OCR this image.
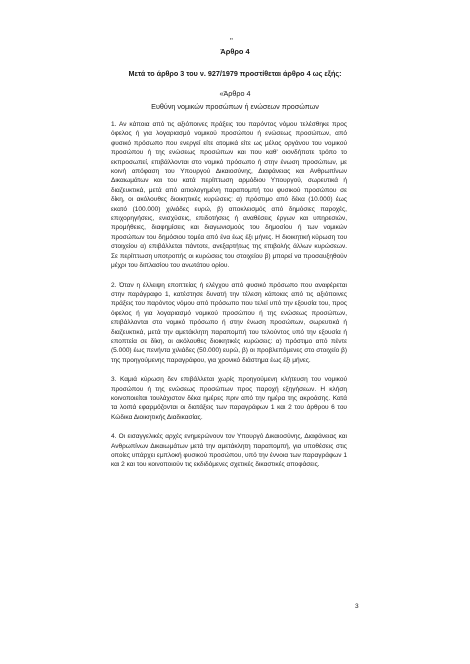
"
Άρθρο 4
Μετά το άρθρο 3 του ν. 927/1979 προστίθεται άρθρο 4 ως εξής:
«Άρθρο 4
Ευθύνη νομικών προσώπων ή ενώσεων προσώπων

1. Αν κάποια από τις αξιόποινες πράξεις του παρόντος νόμου τελέσθηκε προς όφελος ή για λογαριασμό νομικού προσώπου ή ενώσεως προσώπων, από φυσικό πρόσωπο που ενεργεί είτε ατομικά είτε ως μέλος οργάνου του νομικού προσώπου ή της ενώσεως προσώπων και που καθ' οιονδήποτε τρόπο το εκπροσωπεί, επιβάλλονται στο νομικό πρόσωπο ή στην ένωση προσώπων, με κοινή απόφαση του Υπουργού Δικαιοσύνης, Διαφάνειας και Ανθρωπίνων Δικαιωμάτων και του κατά περίπτωση αρμόδιου Υπουργού, σωρευτικά ή διαζευκτικά, μετά από αιτιολογημένη παραπομπή του φυσικού προσώπου σε δίκη, οι ακόλουθες διοικητικές κυρώσεις: α) πρόστιμο από δέκα (10.000) έως εκατό (100.000) χιλιάδες ευρώ, β) αποκλεισμός από δημόσιες παροχές, επιχορηγήσεις, ενισχύσεις, επιδοτήσεις ή αναθέσεις έργων και υπηρεσιών, προμήθειες, διαφημίσεις και διαγωνισμούς του δημοσίου ή των νομικών προσώπων του δημόσιου τομέα από ένα έως έξι μήνες. Η διοικητική κύρωση του στοιχείου α) επιβάλλεται πάντοτε, ανεξαρτήτως της επιβολής άλλων κυρώσεων. Σε περίπτωση υποτροπής οι κυρώσεις του στοιχείου β) μπορεί να προσαυξηθούν μέχρι του διπλασίου του ανωτάτου ορίου.

2. Όταν η έλλειψη εποπτείας ή ελέγχου από φυσικό πρόσωπο που αναφέρεται στην παράγραφο 1, κατέστησε δυνατή την τέλεση κάποιας από τις αξιόποινες πράξεις του παρόντος νόμου από πρόσωπο που τελεί υπό την εξουσία του, προς όφελος ή για λογαριασμό νομικού προσώπου ή της ενώσεως προσώπων, επιβάλλονται στο νομικό πρόσωπο ή στην ένωση προσώπων, σωρευτικά ή διαζευκτικά, μετά την αμετάκλητη παραπομπή του τελούντος υπό την εξουσία ή εποπτεία σε δίκη, οι ακόλουθες διοικητικές κυρώσεις: α) πρόστιμο από πέντε (5.000) έως πενήντα χιλιάδες (50.000) ευρώ, β) οι προβλεπόμενες στο στοιχείο β) της προηγούμενης παραγράφου, για χρονικό διάστημα έως έξι μήνες.

3. Καμιά κύρωση δεν επιβάλλεται χωρίς προηγούμενη κλήτευση του νομικού προσώπου ή της ενώσεως προσώπων προς παροχή εξηγήσεων. Η κλήση κοινοποιείται τουλάχιστον δέκα ημέρες πριν από την ημέρα της ακροάσης. Κατά τα λοιπά εφαρμόζονται οι διατάξεις των παραγράφων 1 και 2 του άρθρου 6 του Κώδικα Διοικητικής Διαδικασίας.

4. Οι εισαγγελικές αρχές ενημερώνουν τον Υπουργό Δικαιοσύνης, Διαφάνειας και Ανθρωπίνων Δικαιωμάτων μετά την αμετάκλητη παραπομπή, για υποθέσεις στις οποίες υπάρχει εμπλοκή φυσικού προσώπου, υπό την έννοια των παραγράφων 1 και 2 και του κοινοποιούν τις εκδιδόμενες σχετικές δικαστικές αποφάσεις.

3
